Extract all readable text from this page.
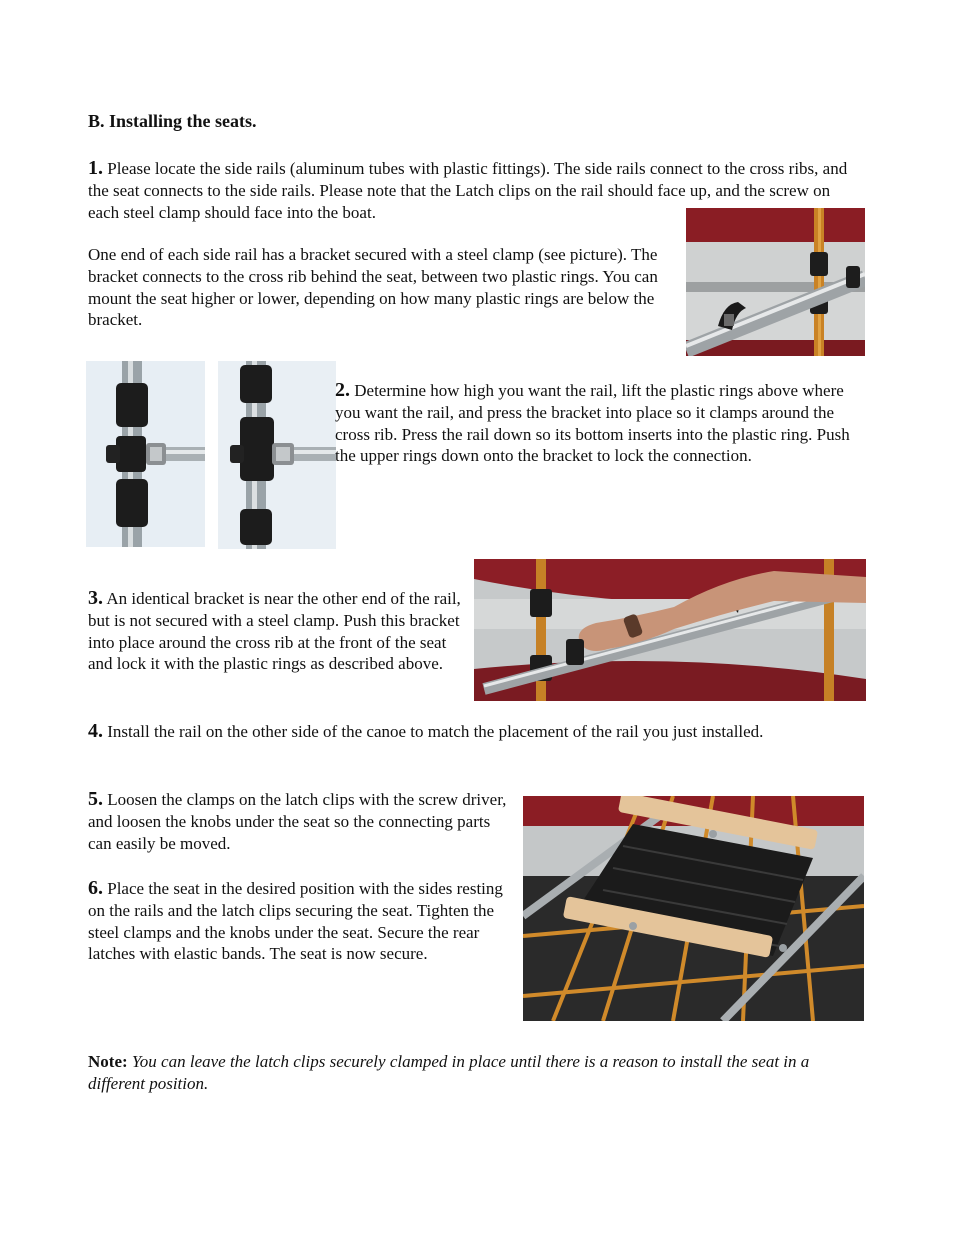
B. Installing the seats.
1. Please locate the side rails (aluminum tubes with plastic fittings). The side rails connect to the cross ribs, and the seat connects to the side rails. Please note that the Latch clips on the rail should face up, and the screw on each steel clamp should face into the boat.
One end of each side rail has a bracket secured with a steel clamp (see picture). The bracket connects to the cross rib behind the seat, between two plastic rings. You can mount the seat higher or lower, depending on how many plastic rings are below the bracket.
2. Determine how high you want the rail, lift the plastic rings above where you want the rail, and press the bracket into place so it clamps around the cross rib. Press the rail down so its bottom inserts into the plastic ring. Push the upper rings down onto the bracket to lock the connection.
3. An identical bracket is near the other end of the rail, but is not secured with a steel clamp. Push this bracket into place around the cross rib at the front of the seat and lock it with the plastic rings as described above.
4. Install the rail on the other side of the canoe to match the placement of the rail you just installed.
5. Loosen the clamps on the latch clips with the screw driver, and loosen the knobs under the seat so the connecting parts can easily be moved.
6. Place the seat in the desired position with the sides resting on the rails and the latch clips securing the seat. Tighten the steel clamps and the knobs under the seat. Secure the rear latches with elastic bands. The seat is now secure.
Note: You can leave the latch clips securely clamped in place until there is a reason to install the seat in a different position.
